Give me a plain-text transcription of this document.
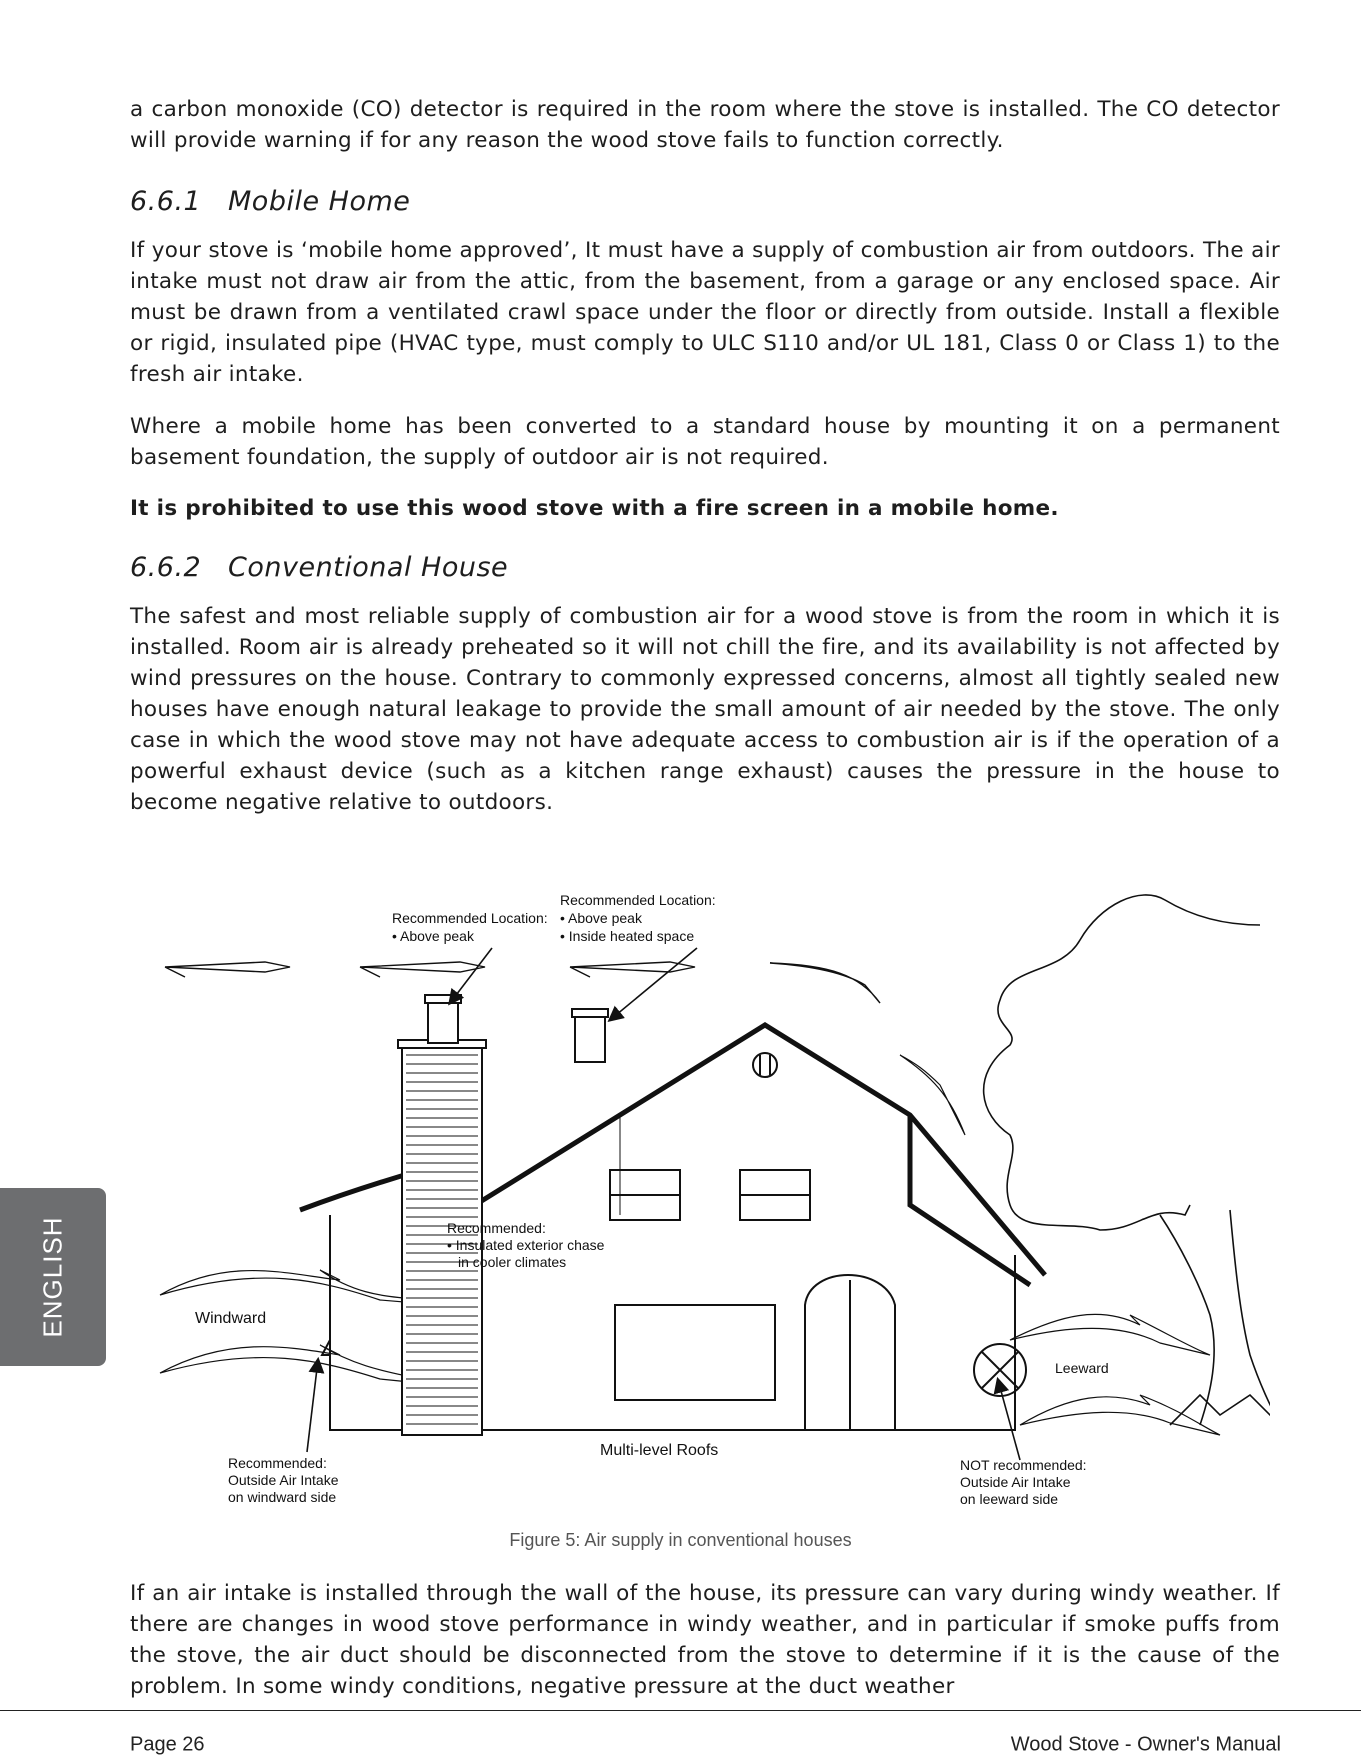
a carbon monoxide (CO) detector is required in the room where the stove is installed. The CO detector will provide warning if for any reason the wood stove fails to function correctly.

6.6.1 Mobile Home

If your stove is ‘mobile home approved’, It must have a supply of combustion air from outdoors. The air intake must not draw air from the attic, from the basement, from a garage or any enclosed space. Air must be drawn from a ventilated crawl space under the floor or directly from outside. Install a flexible or rigid, insulated pipe (HVAC type, must comply to ULC S110 and/or UL 181, Class 0 or Class 1) to the fresh air intake.

Where a mobile home has been converted to a standard house by mounting it on a permanent basement foundation, the supply of outdoor air is not required.

It is prohibited to use this wood stove with a fire screen in a mobile home.

6.6.2 Conventional House

The safest and most reliable supply of combustion air for a wood stove is from the room in which it is installed. Room air is already preheated so it will not chill the fire, and its availability is not affected by wind pressures on the house. Contrary to commonly expressed concerns, almost all tightly sealed new houses have enough natural leakage to provide the small amount of air needed by the stove. The only case in which the wood stove may not have adequate access to combustion air is if the operation of a powerful exhaust device (such as a kitchen range exhaust) causes the pressure in the house to become negative relative to outdoors.

ENGLISH
Recommended Location:
• Above peak
Recommended Location:
• Above peak
• Inside heated space
Recommended:
• Insulated exterior chase
in cooler climates
Windward
Leeward
Multi-level Roofs
Recommended:
Outside Air Intake
on windward side
NOT recommended:
Outside Air Intake
on leeward side

Figure 5: Air supply in conventional houses

If an air intake is installed through the wall of the house, its pressure can vary during windy weather. If there are changes in wood stove performance in windy weather, and in particular if smoke puffs from the stove, the air duct should be disconnected from the stove to determine if it is the cause of the problem. In some windy conditions, negative pressure at the duct weather

Page 26	Wood Stove - Owner's Manual
